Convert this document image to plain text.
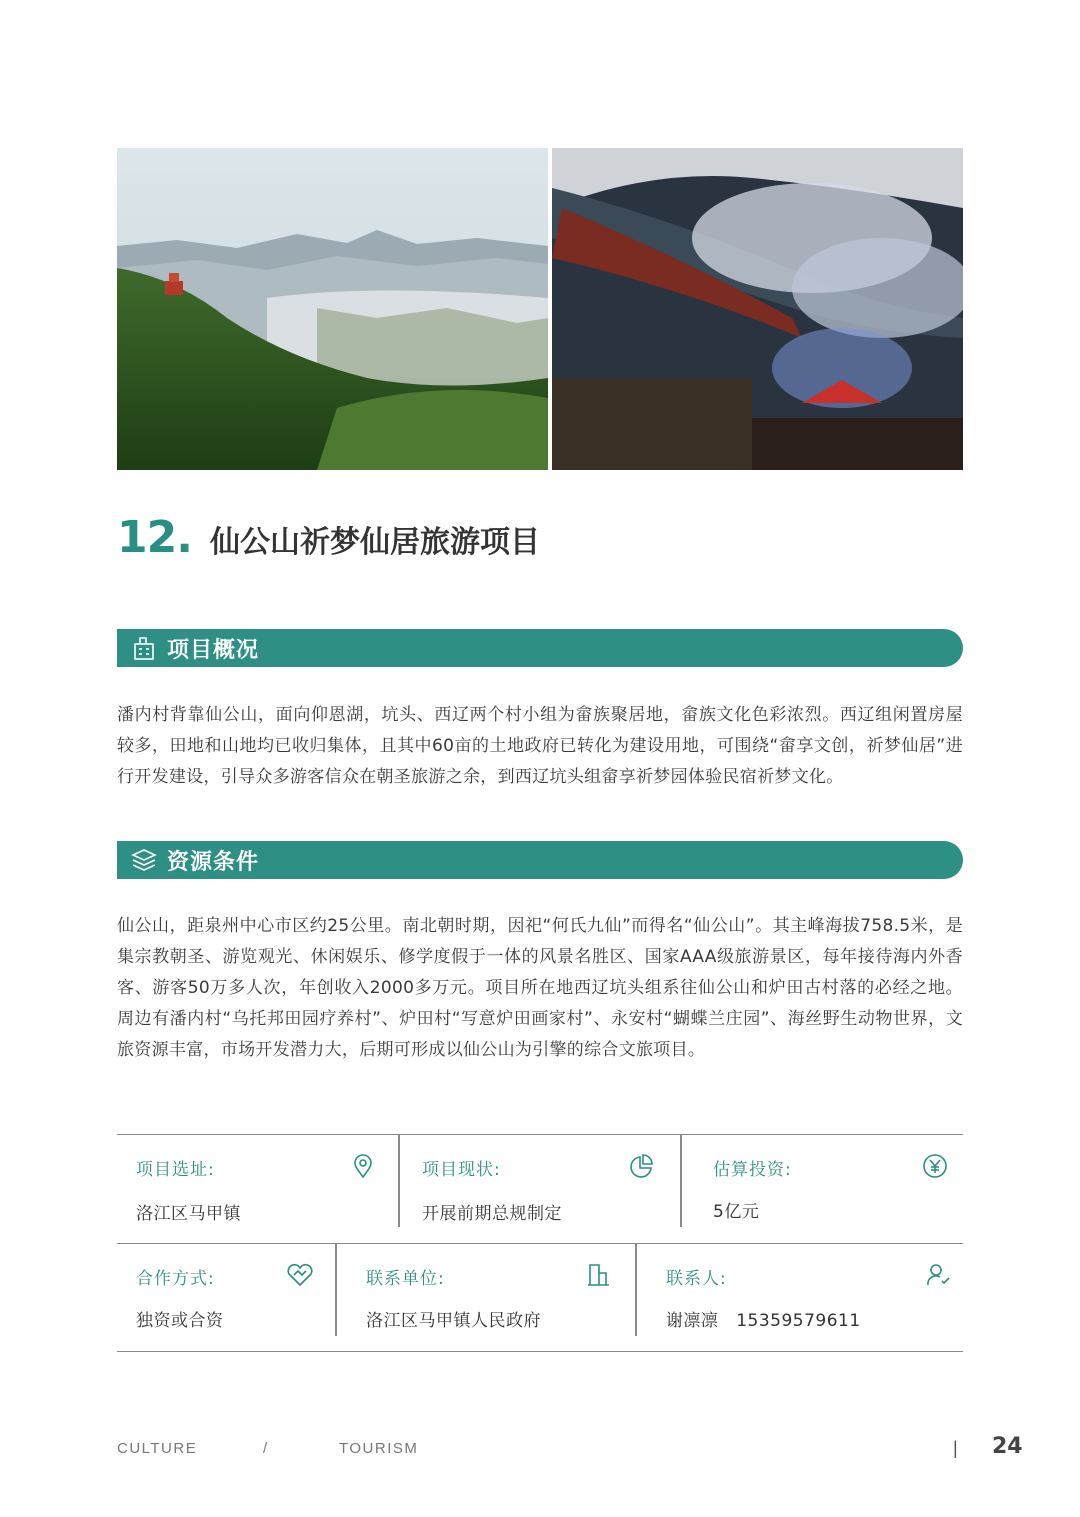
12. 仙公山祈梦仙居旅游项目
项目概况
潘内村背靠仙公山，面向仰恩湖，坑头、西辽两个村小组为畲族聚居地，畲族文化色彩浓烈。西辽组闲置房屋较多，田地和山地均已收归集体，且其中60亩的土地政府已转化为建设用地，可围绕“畲享文创，祈梦仙居”进行开发建设，引导众多游客信众在朝圣旅游之余，到西辽坑头组畲享祈梦园体验民宿祈梦文化。
资源条件
仙公山，距泉州中心市区约25公里。南北朝时期，因祀“何氏九仙”而得名“仙公山”。其主峰海拔758.5米，是集宗教朝圣、游览观光、休闲娱乐、修学度假于一体的风景名胜区、国家AAA级旅游景区，每年接待海内外香客、游客50万多人次，年创收入2000多万元。项目所在地西辽坑头组系往仙公山和炉田古村落的必经之地。 周边有潘内村“乌托邦田园疗养村”、炉田村“写意炉田画家村”、永安村“蝴蝶兰庄园”、海丝野生动物世界，文旅资源丰富，市场开发潜力大，后期可形成以仙公山为引擎的综合文旅项目。
项目选址:
洛江区马甲镇
项目现状:
开展前期总规制定
估算投资:
5亿元
合作方式:
独资或合资
联系单位:
洛江区马甲镇人民政府
联系人:
谢凛凛   15359579611
CULTURE	/	TOURISM	| 24
